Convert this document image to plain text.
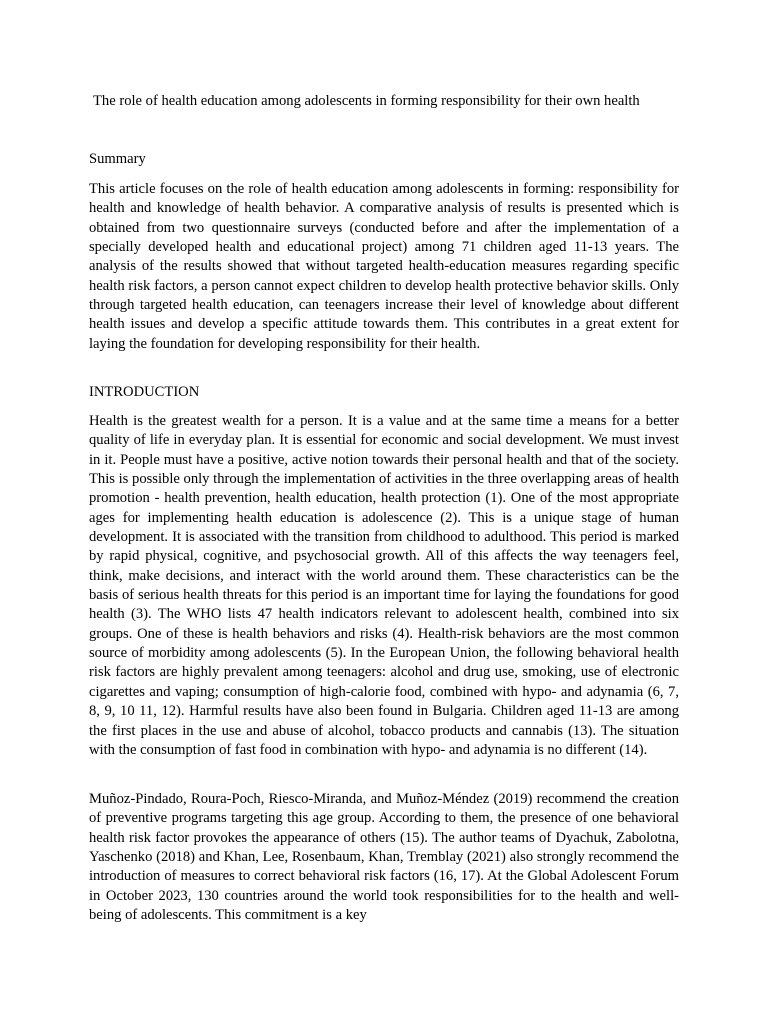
The role of health education among adolescents in forming responsibility for their own health
Summary

This article focuses on the role of health education among adolescents in forming: responsibility for health and knowledge of health behavior. A comparative analysis of results is presented which is obtained from two questionnaire surveys (conducted before and after the implementation of a specially developed health and educational project) among 71 children aged 11-13 years. The analysis of the results showed that without targeted health-education measures regarding specific health risk factors, a person cannot expect children to develop health protective behavior skills. Only through targeted health education, can teenagers increase their level of knowledge about different health issues and develop a specific attitude towards them. This contributes in a great extent for laying the foundation for developing responsibility for their health.

INTRODUCTION

Health is the greatest wealth for a person. It is a value and at the same time a means for a better quality of life in everyday plan. It is essential for economic and social development. We must invest in it. People must have a positive, active notion towards their personal health and that of the society. This is possible only through the implementation of activities in the three overlapping areas of health promotion - health prevention, health education, health protection (1). One of the most appropriate ages for implementing health education is adolescence (2). This is a unique stage of human development. It is associated with the transition from childhood to adulthood. This period is marked by rapid physical, cognitive, and psychosocial growth. All of this affects the way teenagers feel, think, make decisions, and interact with the world around them. These characteristics can be the basis of serious health threats for this period is an important time for laying the foundations for good health (3). The WHO lists 47 health indicators relevant to adolescent health, combined into six groups. One of these is health behaviors and risks (4). Health-risk behaviors are the most common source of morbidity among adolescents (5). In the European Union, the following behavioral health risk factors are highly prevalent among teenagers: alcohol and drug use, smoking, use of electronic cigarettes and vaping; consumption of high-calorie food, combined with hypo- and adynamia (6, 7, 8, 9, 10 11, 12). Harmful results have also been found in Bulgaria. Children aged 11-13 are among the first places in the use and abuse of alcohol, tobacco products and cannabis (13). The situation with the consumption of fast food in combination with hypo- and adynamia is no different (14).

Muñoz-Pindado, Roura-Poch, Riesco-Miranda, and Muñoz-Méndez (2019) recommend the creation of preventive programs targeting this age group. According to them, the presence of one behavioral health risk factor provokes the appearance of others (15). The author teams of Dyachuk, Zabolotna, Yaschenko (2018) and Khan, Lee, Rosenbaum, Khan, Tremblay (2021) also strongly recommend the introduction of measures to correct behavioral risk factors (16, 17). At the Global Adolescent Forum in October 2023, 130 countries around the world took responsibilities for to the health and well-being of adolescents. This commitment is a key
